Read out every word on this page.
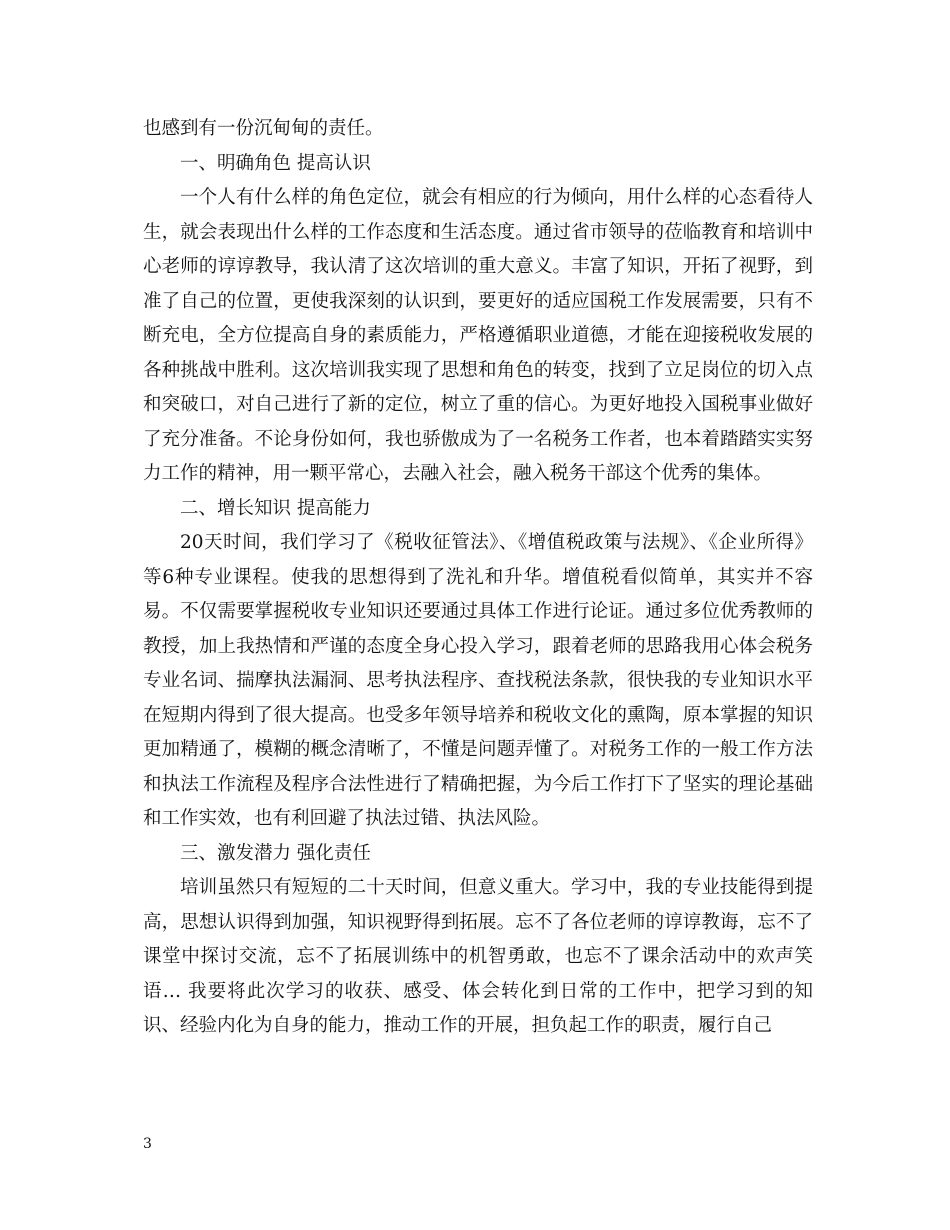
也感到有一份沉甸甸的责任。

一、明确角色 提高认识

一个人有什么样的角色定位，就会有相应的行为倾向，用什么样的心态看待人生，就会表现出什么样的工作态度和生活态度。通过省市领导的莅临教育和培训中心老师的谆谆教导，我认清了这次培训的重大意义。丰富了知识，开拓了视野，到准了自己的位置，更使我深刻的认识到，要更好的适应国税工作发展需要，只有不断充电，全方位提高自身的素质能力，严格遵循职业道德，才能在迎接税收发展的各种挑战中胜利。这次培训我实现了思想和角色的转变，找到了立足岗位的切入点和突破口，对自己进行了新的定位，树立了重的信心。为更好地投入国税事业做好了充分准备。不论身份如何，我也骄傲成为了一名税务工作者，也本着踏踏实实努力工作的精神，用一颗平常心，去融入社会，融入税务干部这个优秀的集体。

二、增长知识 提高能力

20天时间，我们学习了《税收征管法》、《增值税政策与法规》、《企业所得》等6种专业课程。使我的思想得到了洗礼和升华。增值税看似简单，其实并不容易。不仅需要掌握税收专业知识还要通过具体工作进行论证。通过多位优秀教师的教授，加上我热情和严谨的态度全身心投入学习，跟着老师的思路我用心体会税务专业名词、揣摩执法漏洞、思考执法程序、查找税法条款，很快我的专业知识水平在短期内得到了很大提高。也受多年领导培养和税收文化的熏陶，原本掌握的知识更加精通了，模糊的概念清晰了，不懂是问题弄懂了。对税务工作的一般工作方法和执法工作流程及程序合法性进行了精确把握，为今后工作打下了坚实的理论基础和工作实效，也有利回避了执法过错、执法风险。

三、激发潜力 强化责任

培训虽然只有短短的二十天时间，但意义重大。学习中，我的专业技能得到提高，思想认识得到加强，知识视野得到拓展。忘不了各位老师的谆谆教诲，忘不了课堂中探讨交流，忘不了拓展训练中的机智勇敢，也忘不了课余活动中的欢声笑语… 我要将此次学习的收获、感受、体会转化到日常的工作中，把学习到的知识、经验内化为自身的能力，推动工作的开展，担负起工作的职责，履行自己

3
